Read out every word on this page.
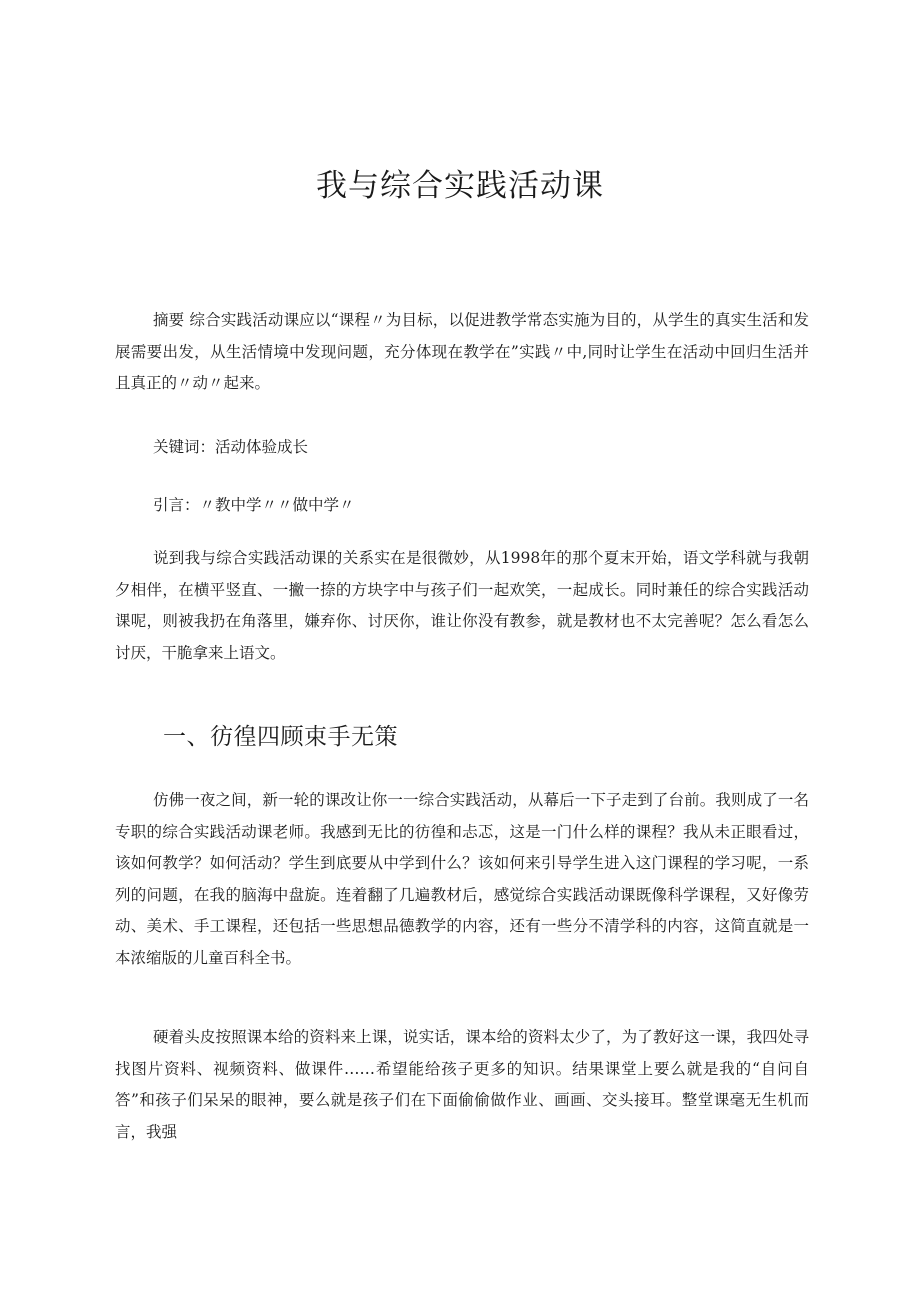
我与综合实践活动课

摘要 综合实践活动课应以“课程〃为目标，以促进教学常态实施为目的，从学生的真实生活和发展需要出发，从生活情境中发现问题，充分体现在教学在”实践〃中,同时让学生在活动中回归生活并且真正的〃动〃起来。

关键词：活动体验成长

引言：〃教中学〃〃做中学〃

说到我与综合实践活动课的关系实在是很微妙，从1998年的那个夏末开始，语文学科就与我朝夕相伴，在横平竖直、一撇一捺的方块字中与孩子们一起欢笑，一起成长。同时兼任的综合实践活动课呢，则被我扔在角落里，嫌弃你、讨厌你，谁让你没有教参，就是教材也不太完善呢？怎么看怎么讨厌，干脆拿来上语文。

一、彷徨四顾束手无策

仿佛一夜之间，新一轮的课改让你一一综合实践活动，从幕后一下子走到了台前。我则成了一名专职的综合实践活动课老师。我感到无比的彷徨和忐忑，这是一门什么样的课程？我从未正眼看过，该如何教学？如何活动？学生到底要从中学到什么？该如何来引导学生进入这门课程的学习呢，一系列的问题，在我的脑海中盘旋。连着翻了几遍教材后，感觉综合实践活动课既像科学课程，又好像劳动、美术、手工课程，还包括一些思想品德教学的内容，还有一些分不清学科的内容，这简直就是一本浓缩版的儿童百科全书。

硬着头皮按照课本给的资料来上课，说实话，课本给的资料太少了，为了教好这一课，我四处寻找图片资料、视频资料、做课件……希望能给孩子更多的知识。结果课堂上要么就是我的“自问自答”和孩子们呆呆的眼神，要么就是孩子们在下面偷偷做作业、画画、交头接耳。整堂课毫无生机而言，我强
